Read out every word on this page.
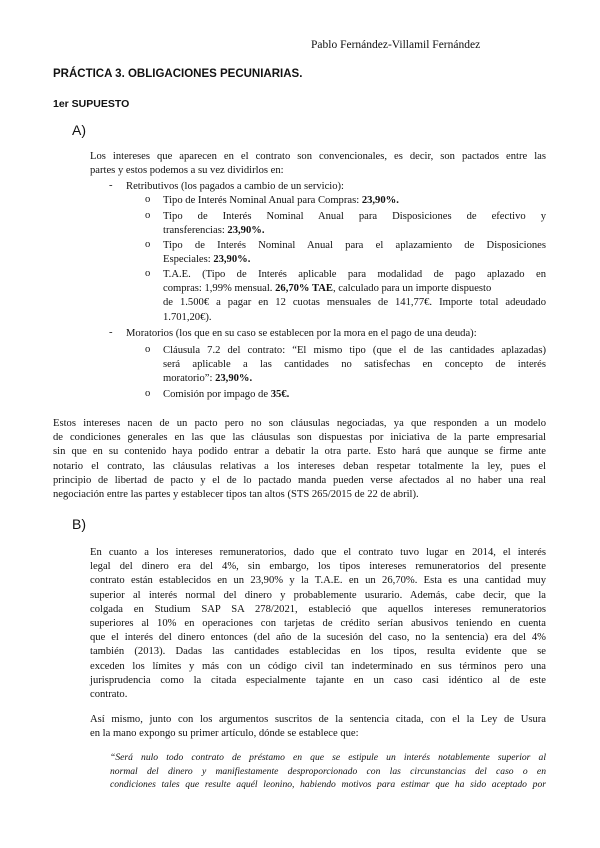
Pablo Fernández-Villamil Fernández
PRÁCTICA 3. OBLIGACIONES PECUNIARIAS.
1er SUPUESTO
A)
Los intereses que aparecen en el contrato son convencionales, es decir, son pactados entre las
partes y estos podemos a su vez dividirlos en:
- Retributivos (los pagados a cambio de un servicio):
o Tipo de Interés Nominal Anual para Compras: 23,90%.
o Tipo de Interés Nominal Anual para Disposiciones de efectivo y
transferencias: 23,90%.
o Tipo de Interés Nominal Anual para el aplazamiento de Disposiciones
Especiales: 23,90%.
o T.A.E. (Tipo de Interés aplicable para modalidad de pago aplazado en
compras: 1,99% mensual. 26,70% TAE, calculado para un importe dispuesto
de 1.500€ a pagar en 12 cuotas mensuales de 141,77€. Importe total adeudado
1.701,20€).
- Moratorios (los que en su caso se establecen por la mora en el pago de una deuda):
o Cláusula 7.2 del contrato: “El mismo tipo (que el de las cantidades aplazadas)
será aplicable a las cantidades no satisfechas en concepto de interés
moratorio”: 23,90%.
o Comisión por impago de 35€.
Estos intereses nacen de un pacto pero no son cláusulas negociadas, ya que responden a un modelo
de condiciones generales en las que las cláusulas son dispuestas por iniciativa de la parte empresarial
sin que en su contenido haya podido entrar a debatir la otra parte. Esto hará que aunque se firme ante
notario el contrato, las cláusulas relativas a los intereses deban respetar totalmente la ley, pues el
principio de libertad de pacto y el de lo pactado manda pueden verse afectados al no haber una real
negociación entre las partes y establecer tipos tan altos (STS 265/2015 de 22 de abril).
B)
En cuanto a los intereses remuneratorios, dado que el contrato tuvo lugar en 2014, el interés
legal del dinero era del 4%, sin embargo, los tipos intereses remuneratorios del presente
contrato están establecidos en un 23,90% y la T.A.E. en un 26,70%. Esta es una cantidad muy
superior al interés normal del dinero y probablemente usurario. Además, cabe decir, que la
colgada en Studium SAP SA 278/2021, estableció que aquellos intereses remuneratorios
superiores al 10% en operaciones con tarjetas de crédito serían abusivos teniendo en cuenta
que el interés del dinero entonces (del año de la sucesión del caso, no la sentencia) era del 4%
también (2013). Dadas las cantidades establecidas en los tipos, resulta evidente que se
exceden los límites y más con un código civil tan indeterminado en sus términos pero una
jurisprudencia como la citada especialmente tajante en un caso casi idéntico al de este
contrato.
Así mismo, junto con los argumentos suscritos de la sentencia citada, con el la Ley de Usura
en la mano expongo su primer artículo, dónde se establece que:
“Será nulo todo contrato de préstamo en que se estipule un interés notablemente superior al
normal del dinero y manifiestamente desproporcionado con las circunstancias del caso o en
condiciones tales que resulte aquél leonino, habiendo motivos para estimar que ha sido aceptado por
